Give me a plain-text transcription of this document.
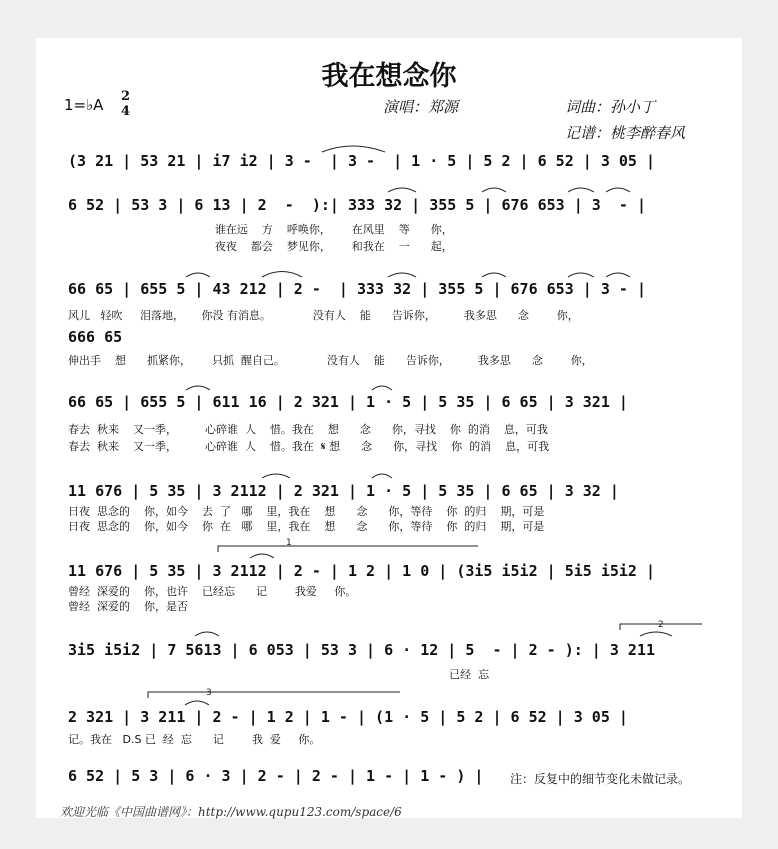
我在想念你
1=♭A 2
4	演唱：郑源	词曲：孙小丁
记谱：桃李醉春风
(3 21 | 53 21 | i7 i2 | 3 -  | 3 -  | 1 · 5 | 5 2 | 6 52 | 3 05 |
6 52 | 53 3 | 6 13 | 2  -  ):| 333 32 | 355 5 | 676 653 | 3  - |
谁在远    方    呼唤你，      在风里    等      你，
夜夜    都会    梦见你，      和我在    一      起，
66 65 | 655 5 | 43 212 | 2 -  | 333 32 | 355 5 | 676 653 | 3 - |
风儿   轻吹     泪落地，     你没 有消息。            没有人    能      告诉你，        我多思      念        你，
666 65
伸出手    想      抓紧你，      只抓  醒自己。            没有人    能      告诉你，        我多思      念        你，
66 65 | 655 5 | 611 16 | 2 321 | 1 · 5 | 5 35 | 6 65 | 3 321 |
春去  秋来    又一季，        心碎谁  人    惜。我在    想      念      你，寻找    你  的消    息，可我
春去  秋来    又一季，        心碎谁  人    惜。我在  𝄋 想      念      你，寻找    你  的消    息，可我
11 676 | 5 35 | 3 2112 | 2 321 | 1 · 5 | 5 35 | 6 65 | 3 32 |
日夜  思念的    你，如今    去  了   哪    里，我在    想      念      你，等待    你  的归    期，可是
日夜  思念的    你，如今    你  在   哪    里，我在    想      念      你，等待    你  的归    期，可是
11 676 | 5 35 | 3 2112 | 2 - | 1 2 | 1 0 | (3i5 i5i2 | 5i5 i5i2 |
曾经  深爱的    你，也许    已经忘      记        我爱     你。
曾经  深爱的    你，是否
3i5 i5i2 | 7 5613 | 6 053 | 53 3 | 6 · 12 | 5  - | 2 - ): | 3 211
已经  忘
2 321 | 3 211 | 2 - | 1 2 | 1 - | (1 · 5 | 5 2 | 6 52 | 3 05 |
记。我在   D.S 已  经  忘      记        我  爱     你。
6 52 | 5 3 | 6 · 3 | 2 - | 2 - | 1 - | 1 - ) | 注：反复中的细节变化未做记录。
欢迎光临《中国曲谱网》：http://www.qupu123.com/space/6
1
2
3
